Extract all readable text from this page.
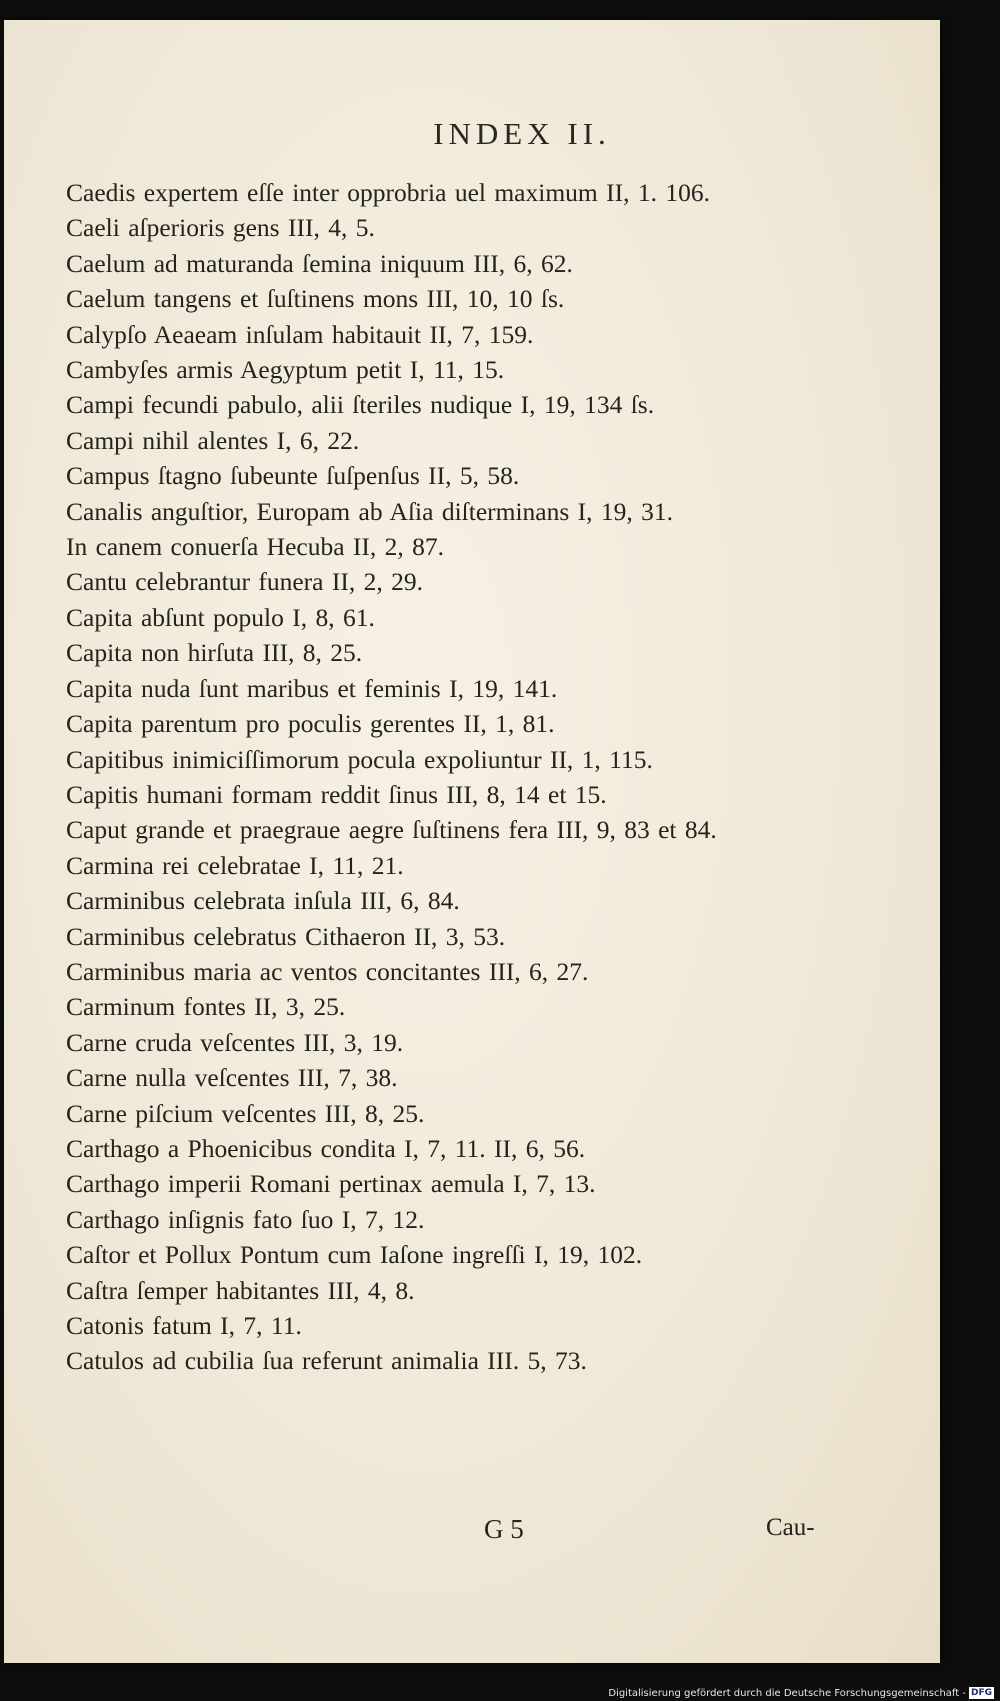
INDEX II.
Caedis expertem eſſe inter opprobria uel maximum II, 1. 106.
Caeli aſperioris gens III, 4, 5.
Caelum ad maturanda ſemina iniquum III, 6, 62.
Caelum tangens et ſuſtinens mons III, 10, 10 ſs.
Calypſo Aeaeam inſulam habitauit II, 7, 159.
Cambyſes armis Aegyptum petit I, 11, 15.
Campi fecundi pabulo, alii ſteriles nudique I, 19, 134 ſs.
Campi nihil alentes I, 6, 22.
Campus ſtagno ſubeunte ſuſpenſus II, 5, 58.
Canalis anguſtior, Europam ab Aſia diſterminans I, 19, 31.
In canem conuerſa Hecuba II, 2, 87.
Cantu celebrantur funera II, 2, 29.
Capita abſunt populo I, 8, 61.
Capita non hirſuta III, 8, 25.
Capita nuda ſunt maribus et feminis I, 19, 141.
Capita parentum pro poculis gerentes II, 1, 81.
Capitibus inimiciſſimorum pocula expoliuntur II, 1, 115.
Capitis humani formam reddit ſinus III, 8, 14 et 15.
Caput grande et praegraue aegre ſuſtinens fera III, 9, 83 et 84.
Carmina rei celebratae I, 11, 21.
Carminibus celebrata inſula III, 6, 84.
Carminibus celebratus Cithaeron II, 3, 53.
Carminibus maria ac ventos concitantes III, 6, 27.
Carminum fontes II, 3, 25.
Carne cruda veſcentes III, 3, 19.
Carne nulla veſcentes III, 7, 38.
Carne piſcium veſcentes III, 8, 25.
Carthago a Phoenicibus condita I, 7, 11. II, 6, 56.
Carthago imperii Romani pertinax aemula I, 7, 13.
Carthago inſignis fato ſuo I, 7, 12.
Caſtor et Pollux Pontum cum Iaſone ingreſſi I, 19, 102.
Caſtra ſemper habitantes III, 4, 8.
Catonis fatum I, 7, 11.
Catulos ad cubilia ſua referunt animalia III. 5, 73.
G 5	Cau-
Digitalisierung gefördert durch die Deutsche Forschungsgemeinschaft - DFG
